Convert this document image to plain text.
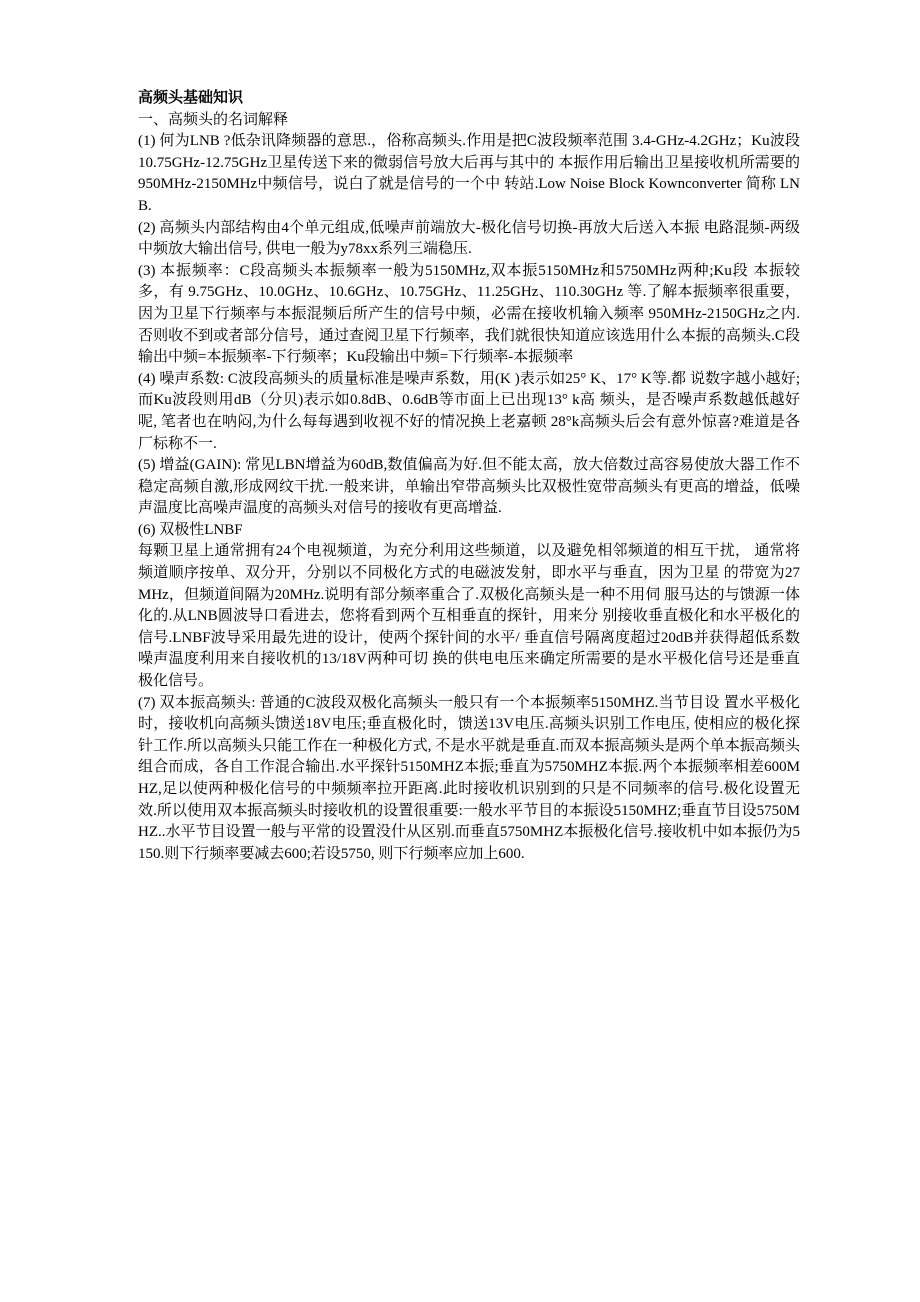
高频头基础知识

一、高频头的名词解释

(1) 何为LNB ?低杂讯降频器的意思.，俗称高频头.作用是把C波段频率范围 3.4-GHz-4.2GHz；Ku波段10.75GHz-12.75GHz卫星传送下来的微弱信号放大后再与其中的 本振作用后输出卫星接收机所需要的950MHz-2150MHz中频信号，说白了就是信号的一个中 转站.Low Noise Block Kownconverter 简称 LNB.

(2) 高频头内部结构由4个单元组成,低噪声前端放大-极化信号切换-再放大后送入本振 电路混频-两级中频放大输出信号, 供电一般为y78xx系列三端稳压.

(3) 本振频率：C段高频头本振频率一般为5150MHz,双本振5150MHz和5750MHz两种;Ku段 本振较多，有 9.75GHz、10.0GHz、10.6GHz、10.75GHz、11.25GHz、110.30GHz 等.了解本振频率很重要，因为卫星下行频率与本振混频后所产生的信号中频，必需在接收机输入频率 950MHz-2150GHz之内.否则收不到或者部分信号，通过查阅卫星下行频率，我们就很快知道应该选用什么本振的高频头.C段输出中频=本振频率-下行频率；Ku段输出中频=下行频率-本振频率

(4) 噪声系数: C波段高频头的质量标准是噪声系数，用(K )表示如25° K、17° K等.都 说数字越小越好;而Ku波段则用dB（分贝)表示如0.8dB、0.6dB等市面上已出现13° k高 频头，是否噪声系数越低越好呢, 笔者也在呐闷,为什么每每遇到收视不好的情况换上老嘉顿 28°k高频头后会有意外惊喜?难道是各厂标称不一.

(5) 增益(GAIN): 常见LBN增益为60dB,数值偏高为好.但不能太高，放大倍数过高容易使放大器工作不稳定高频自激,形成网纹干扰.一般来讲，单输出窄带高频头比双极性宽带高频头有更高的增益，低噪声温度比高噪声温度的高频头对信号的接收有更高增益.

(6) 双极性LNBF

每颗卫星上通常拥有24个电视频道，为充分利用这些频道，以及避免相邻频道的相互干扰， 通常将频道顺序按单、双分开，分别以不同极化方式的电磁波发射，即水平与垂直，因为卫星 的带宽为27MHz，但频道间隔为20MHz.说明有部分频率重合了.双极化高频头是一种不用伺 服马达的与馈源一体化的.从LNB圆波导口看进去，您将看到两个互相垂直的探针，用来分 别接收垂直极化和水平极化的信号.LNBF波导采用最先进的设计，使两个探针间的水平/ 垂直信号隔离度超过20dB并获得超低系数噪声温度利用来自接收机的13/18V两种可切 换的供电电压来确定所需要的是水平极化信号还是垂直极化信号。

(7) 双本振高频头: 普通的C波段双极化高频头一般只有一个本振频率5150MHZ.当节目设 置水平极化时，接收机向高频头馈送18V电压;垂直极化时，馈送13V电压.高频头识别工作电压, 使相应的极化探针工作.所以高频头只能工作在一种极化方式, 不是水平就是垂直.而双本振高频头是两个单本振高频头组合而成，各自工作混合输出.水平探针5150MHZ本振;垂直为5750MHZ本振.两个本振频率相差600MHZ,足以使两种极化信号的中频频率拉开距离.此时接收机识别到的只是不同频率的信号.极化设置无效.所以使用双本振高频头时接收机的设置很重要:一般水平节目的本振设5150MHZ;垂直节目设5750MHZ..水平节目设置一般与平常的设置没什从区别.而垂直5750MHZ本振极化信号.接收机中如本振仍为5150.则下行频率要减去600;若设5750, 则下行频率应加上600.
